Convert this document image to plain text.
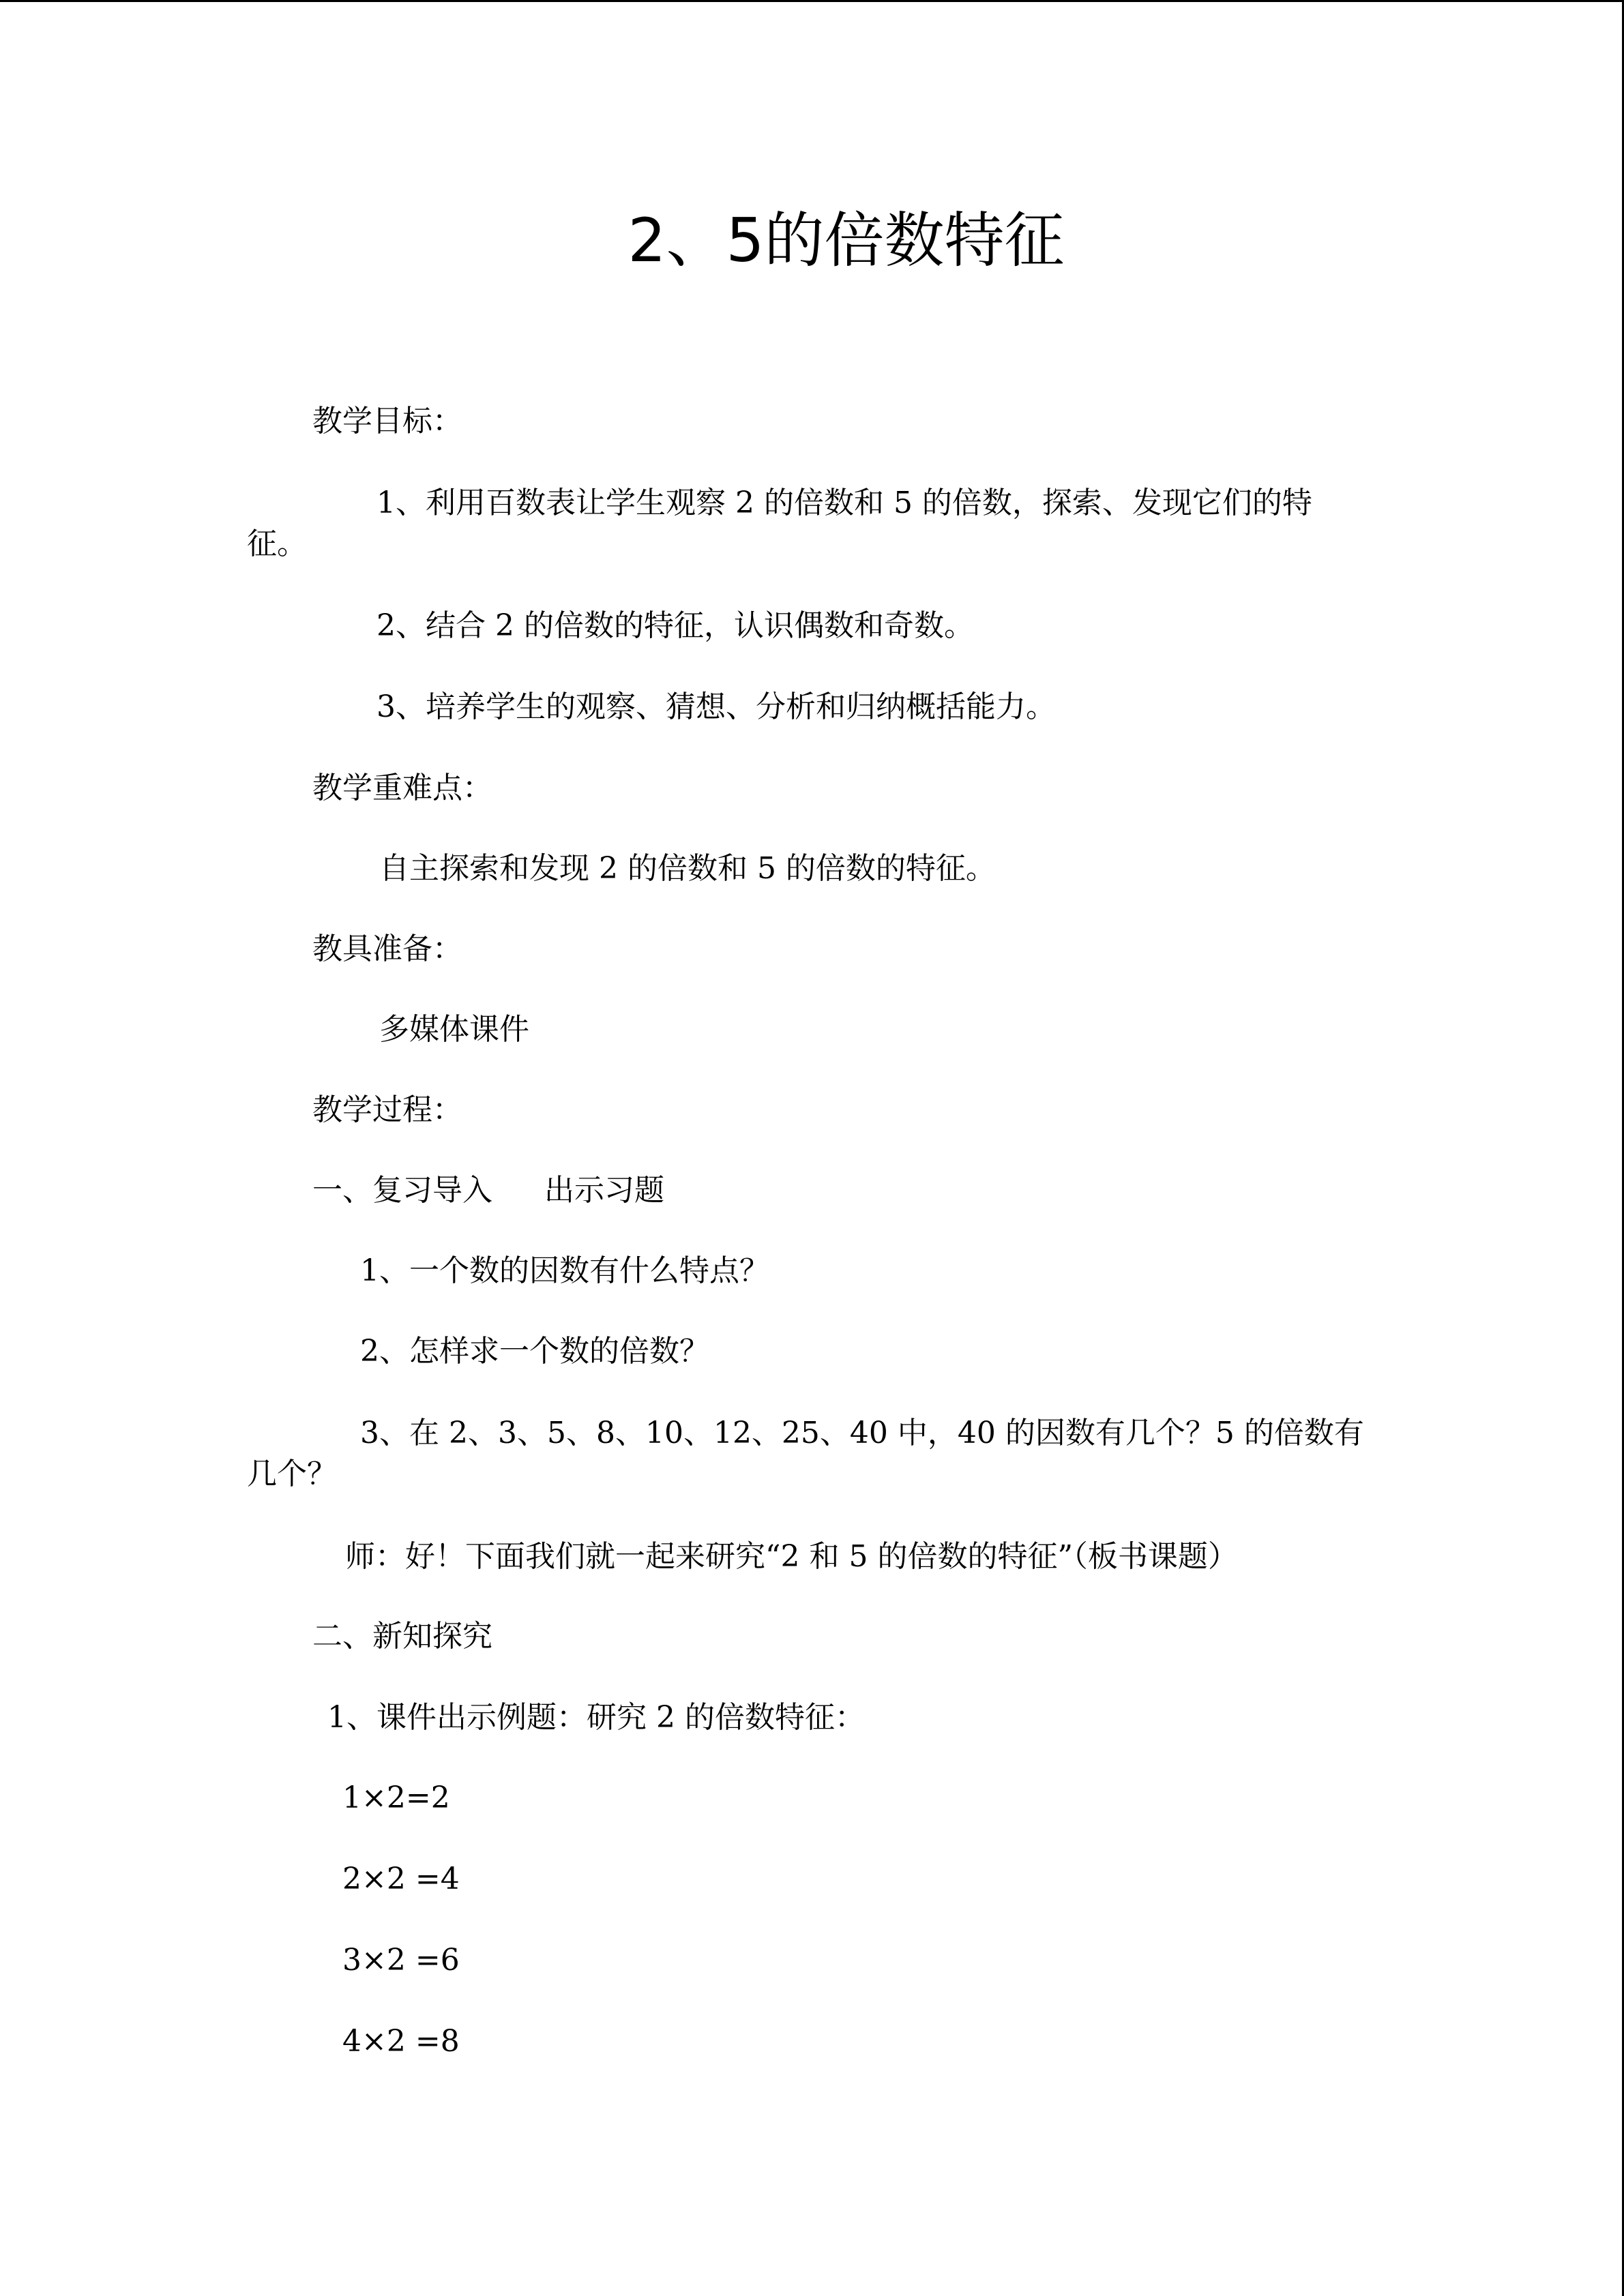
2、5的倍数特征
教学目标：
1、利用百数表让学生观察 2 的倍数和 5 的倍数，探索、发现它们的特
征。
2、结合 2 的倍数的特征，认识偶数和奇数。
3、培养学生的观察、猜想、分析和归纳概括能力。
教学重难点：
自主探索和发现 2 的倍数和 5 的倍数的特征。
教具准备：
多媒体课件
教学过程：
一、复习导入 出示习题
1、一个数的因数有什么特点？
2、怎样求一个数的倍数？
3、在 2、3、5、8、10、12、25、40 中，40 的因数有几个？5 的倍数有
几个？
师：好！下面我们就一起来研究“2 和 5 的倍数的特征”（板书课题）
二、新知探究
1、课件出示例题：研究 2 的倍数特征：
1×2=2
2×2 =4
3×2 =6
4×2 =8
